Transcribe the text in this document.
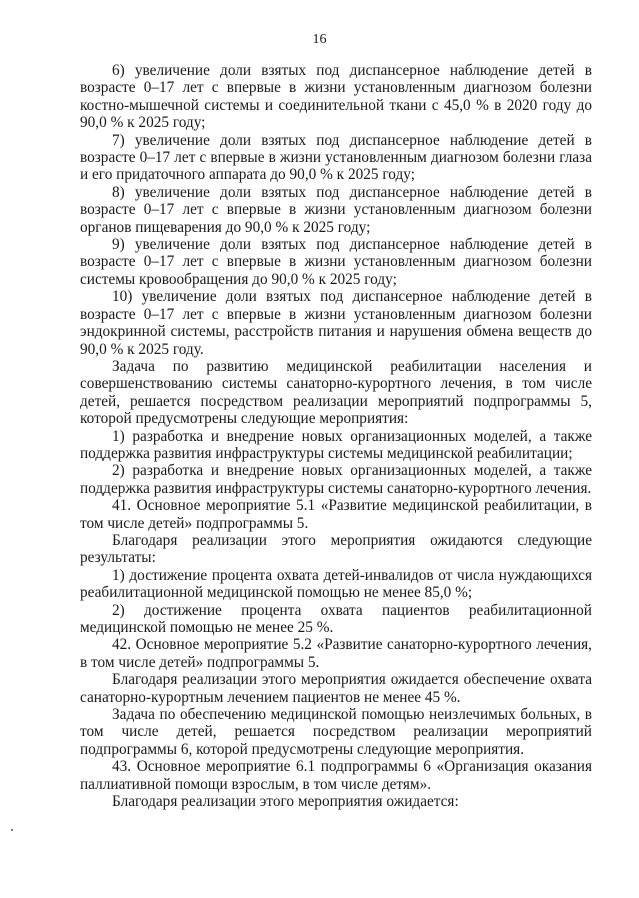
16

6) увеличение доли взятых под диспансерное наблюдение детей в возрасте 0–17 лет с впервые в жизни установленным диагнозом болезни костно-мышечной системы и соединительной ткани с 45,0 % в 2020 году до 90,0 % к 2025 году;

7) увеличение доли взятых под диспансерное наблюдение детей в возрасте 0–17 лет с впервые в жизни установленным диагнозом болезни глаза и его придаточного аппарата до 90,0 % к 2025 году;

8) увеличение доли взятых под диспансерное наблюдение детей в возрасте 0–17 лет с впервые в жизни установленным диагнозом болезни органов пищеварения до 90,0 % к 2025 году;

9) увеличение доли взятых под диспансерное наблюдение детей в возрасте 0–17 лет с впервые в жизни установленным диагнозом болезни системы кровообращения до 90,0 % к 2025 году;

10) увеличение доли взятых под диспансерное наблюдение детей в возрасте 0–17 лет с впервые в жизни установленным диагнозом болезни эндокринной системы, расстройств питания и нарушения обмена веществ до 90,0 % к 2025 году.

Задача по развитию медицинской реабилитации населения и совершенствованию системы санаторно-курортного лечения, в том числе детей, решается посредством реализации мероприятий подпрограммы 5, которой предусмотрены следующие мероприятия:

1) разработка и внедрение новых организационных моделей, а также поддержка развития инфраструктуры системы медицинской реабилитации;

2) разработка и внедрение новых организационных моделей, а также поддержка развития инфраструктуры системы санаторно-курортного лечения.

41. Основное мероприятие 5.1 «Развитие медицинской реабилитации, в том числе детей» подпрограммы 5.

Благодаря реализации этого мероприятия ожидаются следующие результаты:

1) достижение процента охвата детей-инвалидов от числа нуждающихся реабилитационной медицинской помощью не менее 85,0 %;

2) достижение процента охвата пациентов реабилитационной медицинской помощью не менее 25 %.

42. Основное мероприятие 5.2 «Развитие санаторно-курортного лечения, в том числе детей» подпрограммы 5.

Благодаря реализации этого мероприятия ожидается обеспечение охвата санаторно-курортным лечением пациентов не менее 45 %.

Задача по обеспечению медицинской помощью неизлечимых больных, в том числе детей, решается посредством реализации мероприятий подпрограммы 6, которой предусмотрены следующие мероприятия.

43. Основное мероприятие 6.1 подпрограммы 6 «Организация оказания паллиативной помощи взрослым, в том числе детям».

Благодаря реализации этого мероприятия ожидается:
